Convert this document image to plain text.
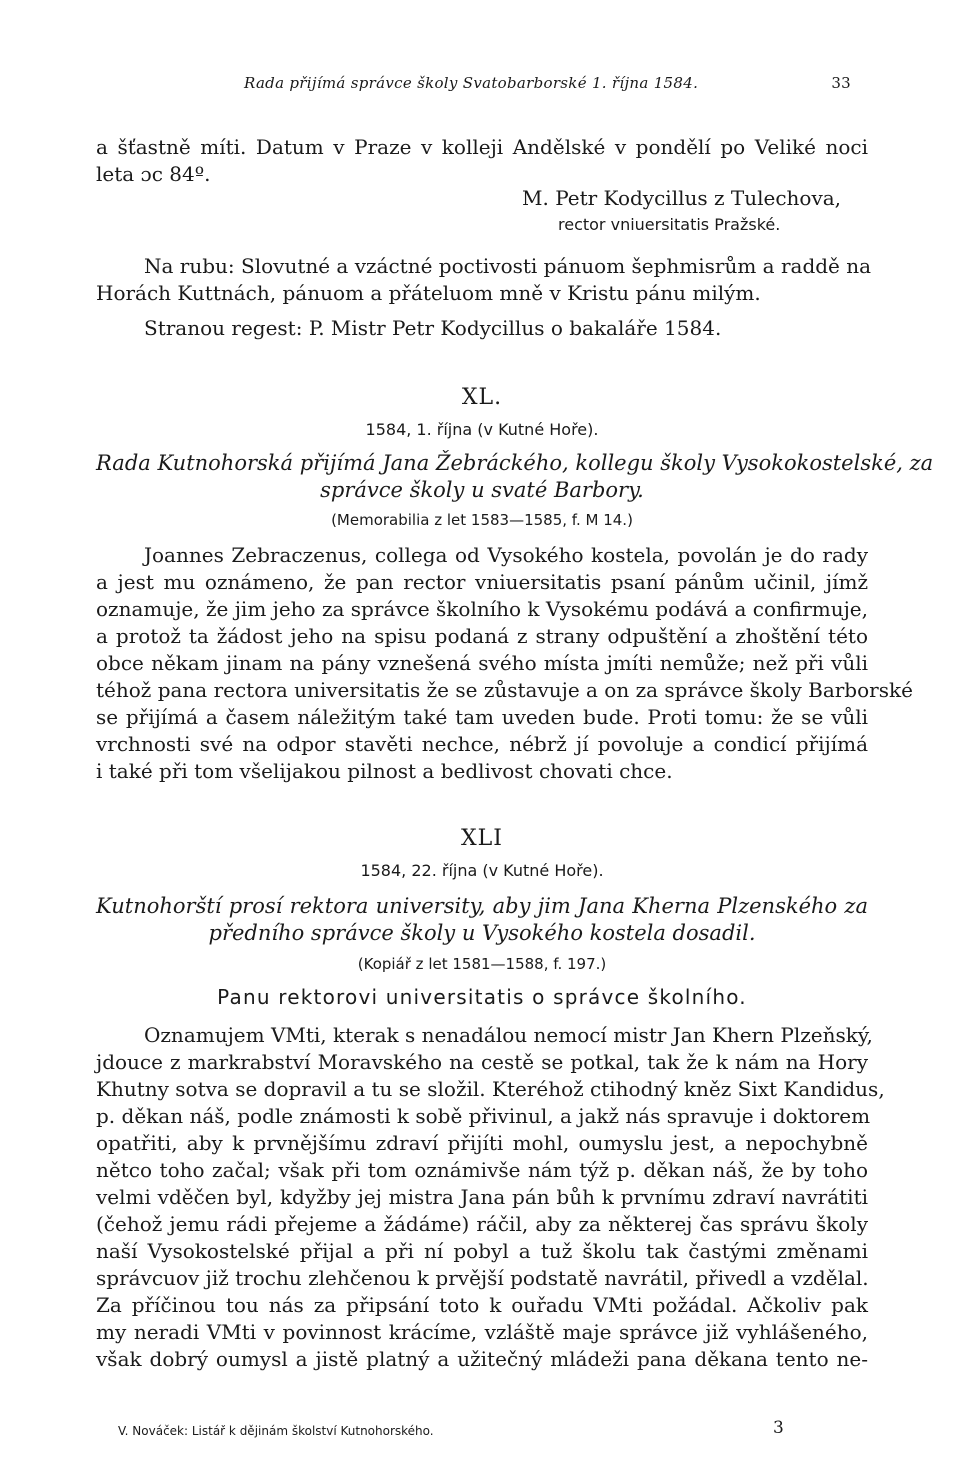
Rada přijímá správce školy Svatobarborské 1. října 1584.	33
a šťastně míti. Datum v Praze v kolleji Andělské v pondělí po Veliké noci
leta ɔc 84º.
M. Petr Kodycillus z Tulechova,
rector vniuersitatis Pražské.
Na rubu: Slovutné a vzáctné poctivosti pánuom šephmisrům a raddě na
Horách Kuttnách, pánuom a přáteluom mně v Kristu pánu milým.
Stranou regest: P. Mistr Petr Kodycillus o bakaláře 1584.
XL.
1584, 1. října (v Kutné Hoře).
Rada Kutnohorská přijímá Jana Žebráckého, kollegu školy Vysokokostelské, za
správce školy u svaté Barbory.
(Memorabilia z let 1583—1585, f. M 14.)
Joannes Zebraczenus, collega od Vysokého kostela, povolán je do rady
a jest mu oznámeno, že pan rector vniuersitatis psaní pánům učinil, jímž
oznamuje, že jim jeho za správce školního k Vysokému podává a confirmuje,
a protož ta žádost jeho na spisu podaná z strany odpuštění a zhoštění této
obce někam jinam na pány vznešená svého místa jmíti nemůže; než při vůli
téhož pana rectora universitatis že se zůstavuje a on za správce školy Barborské
se přijímá a časem náležitým také tam uveden bude. Proti tomu: že se vůli
vrchnosti své na odpor stavěti nechce, nébrž jí povoluje a condicí přijímá
i také při tom všelijakou pilnost a bedlivost chovati chce.
XLI
1584, 22. října (v Kutné Hoře).
Kutnohorští prosí rektora university, aby jim Jana Kherna Plzenského za
předního správce školy u Vysokého kostela dosadil.
(Kopiář z let 1581—1588, f. 197.)
Panu rektorovi universitatis o správce školního.
Oznamujem VMti, kterak s nenadálou nemocí mistr Jan Khern Plzeňský,
jdouce z markrabství Moravského na cestě se potkal, tak že k nám na Hory
Khutny sotva se dopravil a tu se složil. Kteréhož ctihodný kněz Sixt Kandidus,
p. děkan náš, podle známosti k sobě přivinul, a jakž nás spravuje i doktorem
opatřiti, aby k prvnějšímu zdraví přijíti mohl, oumyslu jest, a nepochybně
nětco toho začal; však při tom oznámivše nám týž p. děkan náš, že by toho
velmi vděčen byl, kdyžby jej mistra Jana pán bůh k prvnímu zdraví navrátiti
(čehož jemu rádi přejeme a žádáme) ráčil, aby za některej čas správu školy
naší Vysokostelské přijal a při ní pobyl a tuž školu tak častými změnami
správcuov již trochu zlehčenou k prvější podstatě navrátil, přivedl a vzdělal.
Za příčinou tou nás za připsání toto k ouřadu VMti požádal. Ačkoliv pak
my neradi VMti v povinnost krácíme, vzláště maje správce již vyhlášeného,
však dobrý oumysl a jistě platný a užitečný mládeži pana děkana tento ne-
V. Nováček: Listář k dějinám školství Kutnohorského.	3
